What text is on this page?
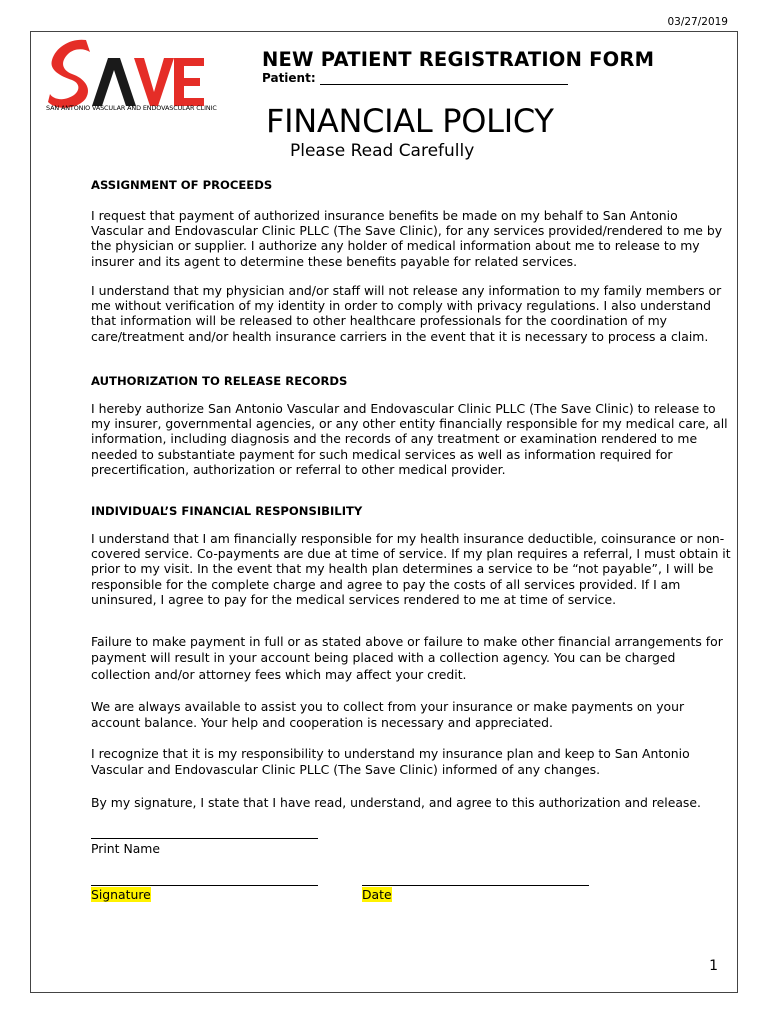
03/27/2019
SAN ANTONIO VASCULAR AND ENDOVASCULAR CLINIC
NEW PATIENT REGISTRATION FORM
Patient:
FINANCIAL POLICY
Please Read Carefully
ASSIGNMENT OF PROCEEDS
I request that payment of authorized insurance benefits be made on my behalf to San Antonio Vascular and Endovascular Clinic PLLC (The Save Clinic), for any services provided/rendered to me by the physician or supplier. I authorize any holder of medical information about me to release to my insurer and its agent to determine these benefits payable for related services.
I understand that my physician and/or staff will not release any information to my family members or me without verification of my identity in order to comply with privacy regulations. I also understand that information will be released to other healthcare professionals for the coordination of my care/treatment and/or health insurance carriers in the event that it is necessary to process a claim.
AUTHORIZATION TO RELEASE RECORDS
I hereby authorize San Antonio Vascular and Endovascular Clinic PLLC (The Save Clinic) to release to my insurer, governmental agencies, or any other entity financially responsible for my medical care, all information, including diagnosis and the records of any treatment or examination rendered to me needed to substantiate payment for such medical services as well as information required for precertification, authorization or referral to other medical provider.
INDIVIDUAL’S FINANCIAL RESPONSIBILITY
I understand that I am financially responsible for my health insurance deductible, coinsurance or non-covered service. Co-payments are due at time of service. If my plan requires a referral, I must obtain it prior to my visit. In the event that my health plan determines a service to be “not payable”, I will be responsible for the complete charge and agree to pay the costs of all services provided. If I am uninsured, I agree to pay for the medical services rendered to me at time of service.
Failure to make payment in full or as stated above or failure to make other financial arrangements for payment will result in your account being placed with a collection agency. You can be charged collection and/or attorney fees which may affect your credit.
We are always available to assist you to collect from your insurance or make payments on your account balance. Your help and cooperation is necessary and appreciated.
I recognize that it is my responsibility to understand my insurance plan and keep to San Antonio Vascular and Endovascular Clinic PLLC (The Save Clinic) informed of any changes.
By my signature, I state that I have read, understand, and agree to this authorization and release.
Print Name
Signature	Date
1
